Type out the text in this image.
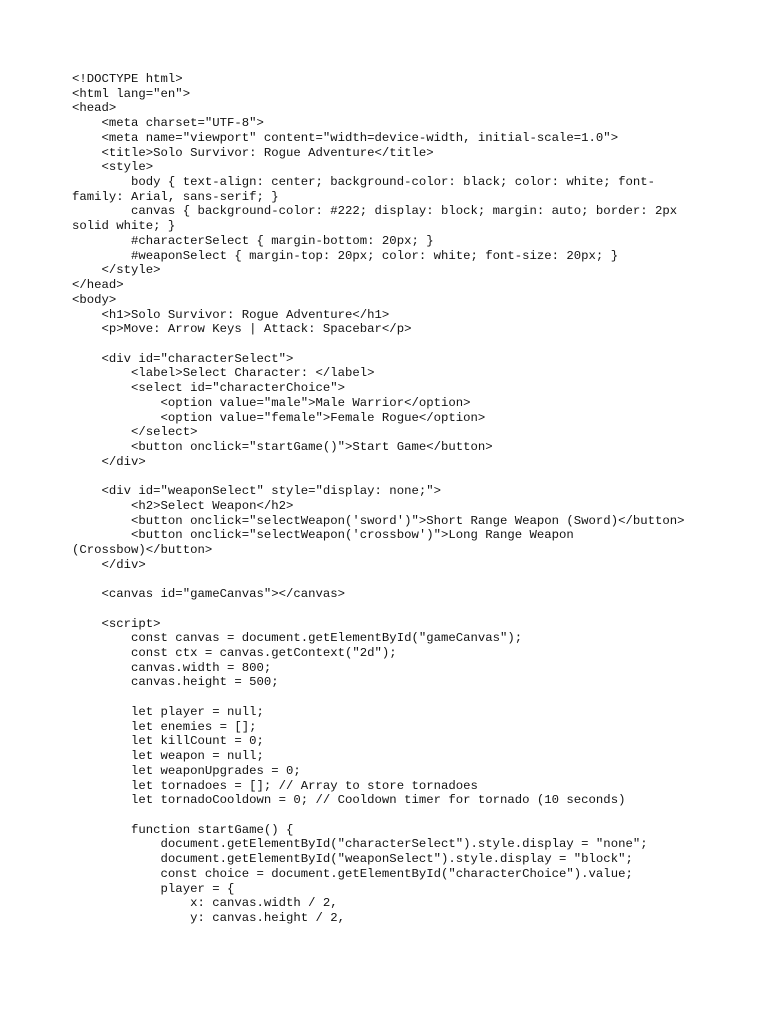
<!DOCTYPE html>
<html lang="en">
<head>
<meta charset="UTF-8">
<meta name="viewport" content="width=device-width, initial-scale=1.0">
<title>Solo Survivor: Rogue Adventure</title>
<style>
body { text-align: center; background-color: black; color: white; font-
family: Arial, sans-serif; }
canvas { background-color: #222; display: block; margin: auto; border: 2px
solid white; }
#characterSelect { margin-bottom: 20px; }
#weaponSelect { margin-top: 20px; color: white; font-size: 20px; }
</style>
</head>
<body>
<h1>Solo Survivor: Rogue Adventure</h1>
<p>Move: Arrow Keys | Attack: Spacebar</p>
<div id="characterSelect">
<label>Select Character: </label>
<select id="characterChoice">
<option value="male">Male Warrior</option>
<option value="female">Female Rogue</option>
</select>
<button onclick="startGame()">Start Game</button>
</div>
<div id="weaponSelect" style="display: none;">
<h2>Select Weapon</h2>
<button onclick="selectWeapon('sword')">Short Range Weapon (Sword)</button>
<button onclick="selectWeapon('crossbow')">Long Range Weapon
(Crossbow)</button>
</div>
<canvas id="gameCanvas"></canvas>
<script>
const canvas = document.getElementById("gameCanvas");
const ctx = canvas.getContext("2d");
canvas.width = 800;
canvas.height = 500;
let player = null;
let enemies = [];
let killCount = 0;
let weapon = null;
let weaponUpgrades = 0;
let tornadoes = []; // Array to store tornadoes
let tornadoCooldown = 0; // Cooldown timer for tornado (10 seconds)
function startGame() {
document.getElementById("characterSelect").style.display = "none";
document.getElementById("weaponSelect").style.display = "block";
const choice = document.getElementById("characterChoice").value;
player = {
x: canvas.width / 2,
y: canvas.height / 2,
